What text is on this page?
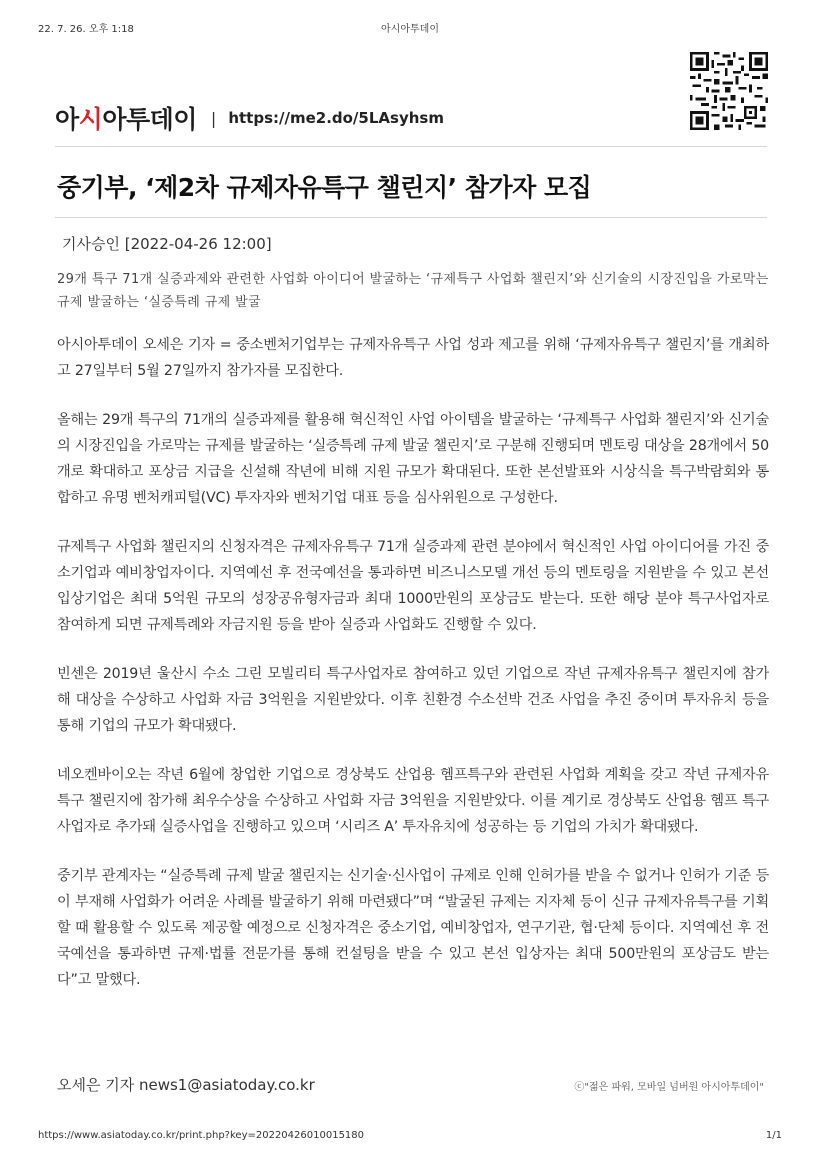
22. 7. 26. 오후 1:18	아시아투데이
아시아투데이 | https://me2.do/5LAsyhsm
중기부, ‘제2차 규제자유특구 챌린지’ 참가자 모집
기사승인 [2022-04-26 12:00]
29개 특구 71개 실증과제와 관련한 사업화 아이디어 발굴하는 ‘규제특구 사업화 챌린지’와 신기술의 시장진입을 가로막는 규제 발굴하는 ‘실증특례 규제 발굴

아시아투데이 오세은 기자 = 중소벤처기업부는 규제자유특구 사업 성과 제고를 위해 ‘규제자유특구 챌린지’를 개최하고 27일부터 5월 27일까지 참가자를 모집한다.

올해는 29개 특구의 71개의 실증과제를 활용해 혁신적인 사업 아이템을 발굴하는 ‘규제특구 사업화 챌린지’와 신기술의 시장진입을 가로막는 규제를 발굴하는 ‘실증특례 규제 발굴 챌린지’로 구분해 진행되며 멘토링 대상을 28개에서 50개로 확대하고 포상금 지급을 신설해 작년에 비해 지원 규모가 확대된다. 또한 본선발표와 시상식을 특구박람회와 통합하고 유명 벤처캐피털(VC) 투자자와 벤처기업 대표 등을 심사위원으로 구성한다.

규제특구 사업화 챌린지의 신청자격은 규제자유특구 71개 실증과제 관련 분야에서 혁신적인 사업 아이디어를 가진 중소기업과 예비창업자이다. 지역예선 후 전국예선을 통과하면 비즈니스모델 개선 등의 멘토링을 지원받을 수 있고 본선 입상기업은 최대 5억원 규모의 성장공유형자금과 최대 1000만원의 포상금도 받는다. 또한 해당 분야 특구사업자로 참여하게 되면 규제특례와 자금지원 등을 받아 실증과 사업화도 진행할 수 있다.

빈센은 2019년 울산시 수소 그린 모빌리티 특구사업자로 참여하고 있던 기업으로 작년 규제자유특구 챌린지에 참가해 대상을 수상하고 사업화 자금 3억원을 지원받았다. 이후 친환경 수소선박 건조 사업을 추진 중이며 투자유치 등을 통해 기업의 규모가 확대됐다.

네오켄바이오는 작년 6월에 창업한 기업으로 경상북도 산업용 헴프특구와 관련된 사업화 계획을 갖고 작년 규제자유특구 챌린지에 참가해 최우수상을 수상하고 사업화 자금 3억원을 지원받았다. 이를 계기로 경상북도 산업용 헴프 특구사업자로 추가돼 실증사업을 진행하고 있으며 ‘시리즈 A’ 투자유치에 성공하는 등 기업의 가치가 확대됐다.

중기부 관계자는 “실증특례 규제 발굴 챌린지는 신기술·신사업이 규제로 인해 인허가를 받을 수 없거나 인허가 기준 등이 부재해 사업화가 어려운 사례를 발굴하기 위해 마련됐다”며 “발굴된 규제는 지자체 등이 신규 규제자유특구를 기획할 때 활용할 수 있도록 제공할 예정으로 신청자격은 중소기업, 예비창업자, 연구기관, 협·단체 등이다. 지역예선 후 전국예선을 통과하면 규제·법률 전문가를 통해 컨설팅을 받을 수 있고 본선 입상자는 최대 500만원의 포상금도 받는다”고 말했다.

오세은 기자 news1@asiatoday.co.kr	ⓒ"젊은 파워, 모바일 넘버원 아시아투데이"
https://www.asiatoday.co.kr/print.php?key=20220426010015180	1/1
